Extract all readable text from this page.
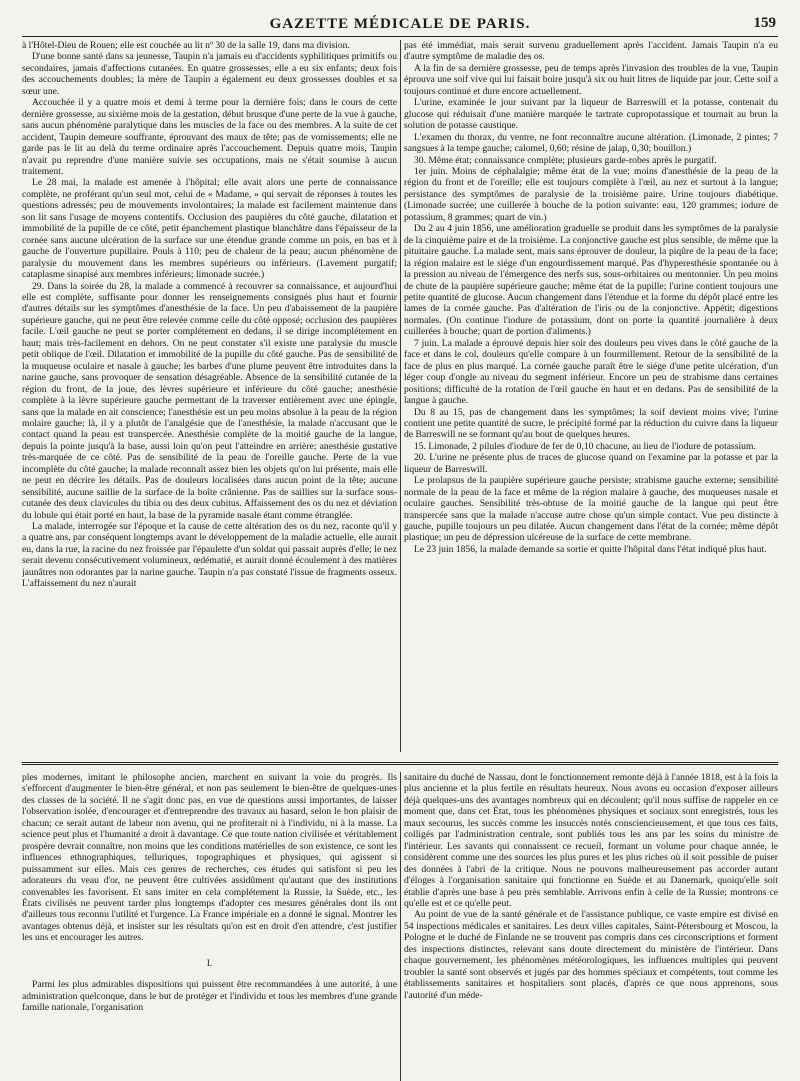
GAZETTE MÉDICALE DE PARIS.	159

à l'Hôtel-Dieu de Rouen; elle est couchée au lit nº 30 de la salle 19, dans ma division.

D'une bonne santé dans sa jeunesse, Taupin n'a jamais eu d'accidents syphilitiques primitifs ou secondaires, jamais d'affections cutanées. En quatre grossesses, elle a eu six enfants; deux fois des accouchements doubles; la mère de Taupin a également eu deux grossesses doubles et sa sœur une.

Accouchée il y a quatre mois et demi à terme pour la dernière fois; dans le cours de cette dernière grossesse, au sixième mois de la gestation, début brusque d'une perte de la vue à gauche, sans aucun phénomène paralytique dans les muscles de la face ou des membres. A la suite de cet accident, Taupin demeure souffrante, éprouvant des maux de tête; pas de vomissements; elle ne garde pas le lit au delà du terme ordinaire après l'accouchement. Depuis quatre mois, Taupin n'avait pu reprendre d'une manière suivie ses occupations, mais ne s'était soumise à aucun traitement.

Le 28 mai, la malade est amenée à l'hôpital; elle avait alors une perte de connaissance complète, ne proférant qu'un seul mot, celui de « Madame, » qui servait de réponses à toutes les questions adressés; peu de mouvements involontaires; la malade est facilement maintenue dans son lit sans l'usage de moyens contentifs. Occlusion des paupières du côté gauche, dilatation et immobilité de la pupille de ce côté, petit épanchement plastique blanchâtre dans l'épaisseur de la cornée sans aucune ulcération de la surface sur une étendue grande comme un pois, en bas et à gauche de l'ouverture pupillaire. Pouls à 110; peu de chaleur de la peau; aucun phénomène de paralysie du mouvement dans les membres supérieurs ou inférieurs. (Lavement purgatif; cataplasme sinapisé aux membres inférieurs; limonade sucrée.)

29. Dans la soirée du 28, la malade a commencé à recouvrer sa connaissance, et aujourd'hui elle est complète, suffisante pour donner les renseignements consignés plus haut et fournir d'autres détails sur les symptômes d'anesthésie de la face. Un peu d'abaissement de la paupière supérieure gauche, qui ne peut être relevée comme celle du côté opposé; occlusion des paupières facile. L'œil gauche ne peut se porter complétement en dedans, il se dirige incomplétement en haut; mais très-facilement en dehors. On ne peut constater s'il existe une paralysie du muscle petit oblique de l'œil. Dilatation et immobilité de la pupille du côté gauche. Pas de sensibilité de la muqueuse oculaire et nasale à gauche; les barbes d'une plume peuvent être introduites dans la narine gauche, sans provoquer de sensation désagréable. Absence de la sensibilité cutanée de la région du front, de la joue, des lèvres supérieure et inférieure du côté gauche; anesthésie complète à la lèvre supérieure gauche permettant de la traverser entièrement avec une épingle, sans que la malade en ait conscience; l'anesthésie est un peu moins absolue à la peau de la région molaire gauche; là, il y a plutôt de l'analgésie que de l'anesthésie, la malade n'accusant que le contact quand la peau est transpercée. Anesthésie complète de la moitié gauche de la langue, depuis la pointe jusqu'à la base, aussi loin qu'on peut l'atteindre en arrière; anesthésie gustative très-marquée de ce côté. Pas de sensibilité de la peau de l'oreille gauche. Perte de la vue incomplète du côté gauche; la malade reconnaît assez bien les objets qu'on lui présente, mais elle ne peut en décrire les détails. Pas de douleurs localisées dans aucun point de la tête; aucune sensibilité, aucune saillie de la surface de la boîte crânienne. Pas de saillies sur la surface sous-cutanée des deux clavicules du tibia ou des deux cubitus. Affaissement des os du nez et déviation du lobule qui était porté en haut, la base de la pyramide nasale étant comme étranglée.

La malade, interrogée sur l'époque et la cause de cette altération des os du nez, raconte qu'il y a quatre ans, par conséquent longtemps avant le développement de la maladie actuelle, elle aurait eu, dans la rue, la racine du nez froissée par l'épaulette d'un soldat qui passait auprès d'elle; le nez serait devenu consécutivement volumineux, œdématié, et aurait donné écoulement à des matières jaunâtres non odorantes par la narine gauche. Taupin n'a pas constaté l'issue de fragments osseux. L'affaissement du nez n'aurait

pas été immédiat, mais serait survenu graduellement après l'accident. Jamais Taupin n'a eu d'autre symptôme de maladie des os.

A la fin de sa dernière grossesse, peu de temps après l'invasion des troubles de la vue, Taupin éprouva une soif vive qui lui faisait boire jusqu'à six ou huit litres de liquide par jour. Cette soif a toujours continué et dure encore actuellement.

L'urine, examinée le jour suivant par la liqueur de Barreswill et la potasse, contenait du glucose qui réduisait d'une manière marquée le tartrate cupropotassique et tournait au brun la solution de potasse caustique.

L'examen du thorax, du ventre, ne font reconnaître aucune altération. (Limonade, 2 pintes; 7 sangsues à la tempe gauche; calomel, 0,60; résine de jalap, 0,30; bouillon.)

30. Même état; connaissance complète; plusieurs garde-robes après le purgatif.

1er juin. Moins de céphalalgie; même état de la vue; moins d'anesthésie de la peau de la région du front et de l'oreille; elle est toujours complète à l'œil, au nez et surtout à la langue; persistance des symptômes de paralysie de la troisième paire. Urine toujours diabétique. (Limonade sucrée; une cuillerée à bouche de la potion suivante: eau, 120 grammes; iodure de potassium, 8 grammes; quart de vin.)

Du 2 au 4 juin 1856, une amélioration graduelle se produit dans les symptômes de la paralysie de la cinquième paire et de la troisième. La conjonctive gauche est plus sensible, de même que la pituitaire gauche. La malade sent, mais sans éprouver de douleur, la piqûre de la peau de la face; la région malaire est le siége d'un engourdissement marqué. Pas d'hyperesthésie spontanée ou à la pression au niveau de l'émergence des nerfs sus, sous-orbitaires ou mentonnier. Un peu moins de chute de la paupière supérieure gauche; même état de la pupille; l'urine contient toujours une petite quantité de glucose. Aucun changement dans l'étendue et la forme du dépôt placé entre les lames de la cornée gauche. Pas d'altération de l'iris ou de la conjonctive. Appétit; digestions normales. (On continue l'iodure de potassium, dont on porte la quantité journalière à deux cuillerées à bouche; quart de portion d'aliments.)

7 juin. La malade a éprouvé depuis hier soir des douleurs peu vives dans le côté gauche de la face et dans le col, douleurs qu'elle compare à un fourmillement. Retour de la sensibilité de la face de plus en plus marqué. La cornée gauche paraît être le siége d'une petite ulcération, d'un léger coup d'ongle au niveau du segment inférieur. Encore un peu de strabisme dans certaines positions; difficulté de la rotation de l'œil gauche en haut et en dedans. Pas de sensibilité de la langue à gauche.

Du 8 au 15, pas de changement dans les symptômes; la soif devient moins vive; l'urine contient une petite quantité de sucre, le précipité formé par la réduction du cuivre dans la liqueur de Barreswill ne se formant qu'au bout de quelques heures.

15. Limonade, 2 pilules d'iodure de fer de 0,10 chacune, au lieu de l'iodure de potassium.

20. L'urine ne présente plus de traces de glucose quand on l'examine par la potasse et par la liqueur de Barreswill.

Le prolapsus de la paupière supérieure gauche persiste; strabisme gauche externe; sensibilité normale de la peau de la face et même de la région malaire à gauche, des muqueuses nasale et oculaire gauches. Sensibilité très-obtuse de la moitié gauche de la langue qui peut être transpercée sans que la malade n'accuse autre chose qu'un simple contact. Vue peu distincte à gauche, pupille toujours un peu dilatée. Aucun changement dans l'état de la cornée; même dépôt plastique; un peu de dépression ulcéreuse de la surface de cette membrane.

Le 23 juin 1856, la malade demande sa sortie et quitte l'hôpital dans l'état indiqué plus haut.

ples modernes, imitant le philosophe ancien, marchent en suivant la voie du progrès. Ils s'efforcent d'augmenter le bien-être général, et non pas seulement le bien-être de quelques-unes des classes de la société. Il ne s'agit donc pas, en vue de questions aussi importantes, de laisser l'observation isolée, d'encourager et d'entreprendre des travaux au hasard, selon le bon plaisir de chacun; ce serait autant de labeur non avenu, qui ne profiterait ni à l'individu, ni à la masse. La science peut plus et l'humanité a droit à davantage. Ce que toute nation civilisée et véritablement prospère devrait connaître, non moins que les conditions matérielles de son existence, ce sont les influences ethnographiques, telluriques, topographiques et physiques, qui agissent si puissamment sur elles. Mais ces genres de recherches, ces études qui satisfont si peu les adorateurs du veau d'or, ne peuvent être cultivées assidûment qu'autant que des institutions convenables les favorisent. Et sans imiter en cela complétement la Russie, la Suède, etc., les États civilisés ne peuvent tarder plus longtemps d'adopter ces mesures générales dont ils ont d'ailleurs tous reconnu l'utilité et l'urgence. La France impériale en a donné le signal. Montrer les avantages obtenus déjà, et insister sur les résultats qu'on est en droit d'en attendre, c'est justifier les uns et encourager les autres.

I.

Parmi les plus admirables dispositions qui puissent être recommandées à une autorité, à une administration quelconque, dans le but de protéger et l'individu et tous les membres d'une grande famille nationale, l'organisation

sanitaire du duché de Nassau, dont le fonctionnement remonte déjà à l'année 1818, est à la fois la plus ancienne et la plus fertile en résultats heureux. Nous avons eu occasion d'exposer ailleurs déjà quelques-uns des avantages nombreux qui en découlent; qu'il nous suffise de rappeler en ce moment que, dans cet État, tous les phénomènes physiques et sociaux sont enregistrés, tous les maux secourus, les succès comme les insuccès notés consciencieusement, et que tous ces faits, colligés par l'administration centrale, sont publiés tous les ans par les soins du ministre de l'intérieur. Les savants qui connaissent ce recueil, formant un volume pour chaque année, le considèrent comme une des sources les plus pures et les plus riches où il soit possible de puiser des données à l'abri de la critique. Nous ne pouvons malheureusement pas accorder autant d'éloges à l'organisation sanitaire qui fonctionne en Suède et au Danemark, quoiqu'elle soit établie d'après une base à peu près semblable. Arrivons enfin à celle de la Russie; montrons ce qu'elle est et ce qu'elle peut.

Au point de vue de la santé générale et de l'assistance publique, ce vaste empire est divisé en 54 inspections médicales et sanitaires. Les deux villes capitales, Saint-Pétersbourg et Moscou, la Pologne et le duché de Finlande ne se trouvent pas compris dans ces circonscriptions et forment des inspections distinctes, relevant sans doute directement du ministère de l'intérieur. Dans chaque gouvernement, les phénomènes météorologiques, les influences multiples qui peuvent troubler la santé sont observés et jugés par des hommes spéciaux et compétents, tout comme les établissements sanitaires et hospitaliers sont placés, d'après ce que nous apprenons, sous l'autorité d'un méde-
